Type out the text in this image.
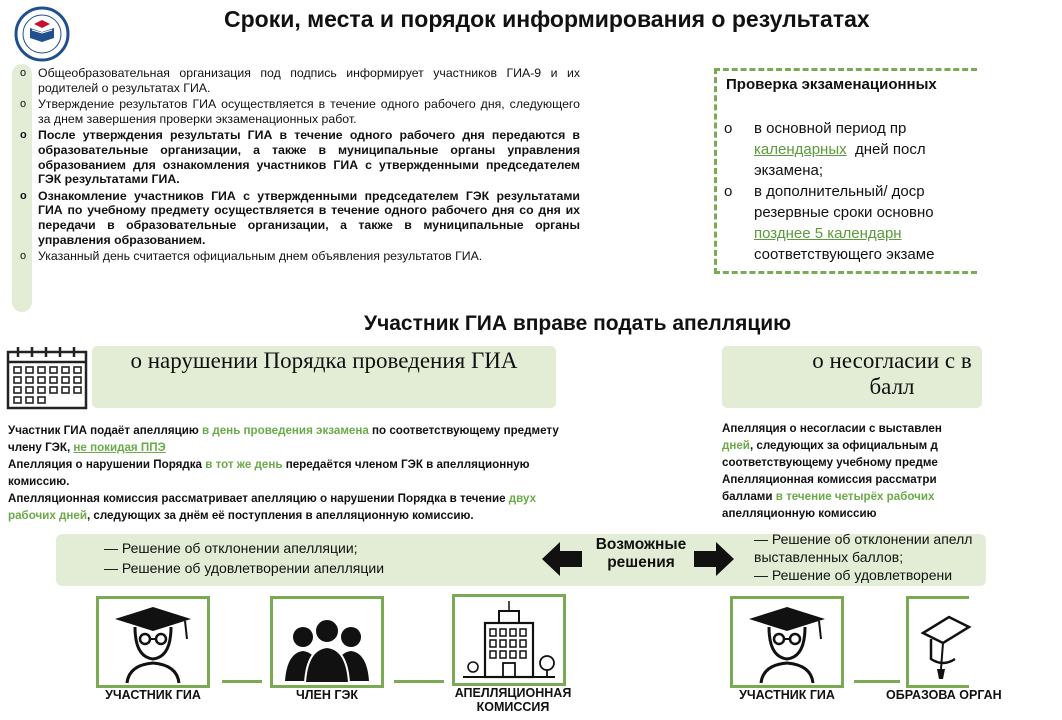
Сроки, места и порядок информирования о результатах
o Общеобразовательная организация под подпись информирует участников ГИА-9 и их родителей о результатах ГИА.
o Утверждение результатов ГИА осуществляется в течение одного рабочего дня, следующего за днем завершения проверки экзаменационных работ.
o После утверждения результаты ГИА в течение одного рабочего дня передаются в образовательные организации, а также в муниципальные органы управления образованием для ознакомления участников ГИА с утвержденными председателем ГЭК результатами ГИА.
o Ознакомление участников ГИА с утвержденными председателем ГЭК результатами ГИА по учебному предмету осуществляется в течение одного рабочего дня со дня их передачи в образовательные организации, а также в муниципальные органы управления образованием.
o Указанный день считается официальным днем объявления результатов ГИА.
Проверка экзаменационных
o в основной период пр
календарных дней посл
экзамена;
o в дополнительный/ доср
резервные сроки основно
позднее 5 календарн
соответствующего экзаме
Участник ГИА вправе подать апелляцию
о нарушении Порядка проведения ГИА	о несогласии с в
балл
Участник ГИА подаёт апелляцию в день проведения экзамена по соответствующему предмету члену ГЭК, не покидая ППЭ
Апелляция о нарушении Порядка в тот же день передаётся членом ГЭК в апелляционную комиссию.
Апелляционная комиссия рассматривает апелляцию о нарушении Порядка в течение двух рабочих дней, следующих за днём её поступления в апелляционную комиссию.
Апелляция о несогласии с выставлен
дней, следующих за официальным д
соответствующему учебному предме
Апелляционная комиссия рассматри
баллами в течение четырёх рабочих
апелляционную комиссию
— Решение об отклонении апелляции;
— Решение об удовлетворении апелляции
— Решение об отклонении апелл
выставленных баллов;
— Решение об удовлетворени
Возможные решения
УЧАСТНИК ГИА	ЧЛЕН ГЭК	АПЕЛЛЯЦИОННАЯ КОМИССИЯ
УЧАСТНИК ГИА	ОБРАЗОВА ОРГАН
